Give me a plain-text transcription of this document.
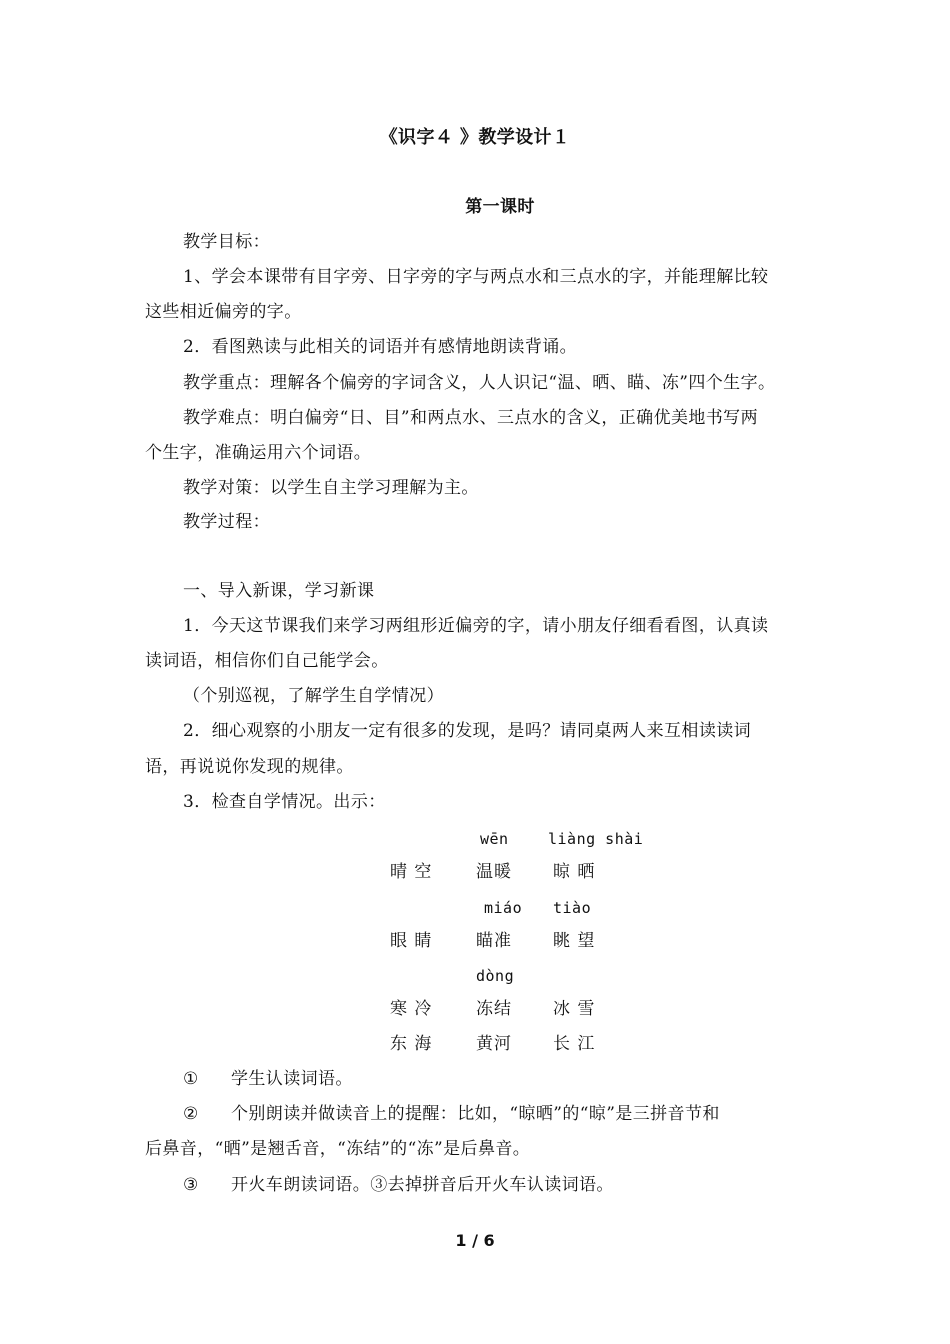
《识字４ 》教学设计１
第一课时
教学目标：
1、学会本课带有目字旁、日字旁的字与两点水和三点水的字，并能理解比较
这些相近偏旁的字。
2．看图熟读与此相关的词语并有感情地朗读背诵。
教学重点：理解各个偏旁的字词含义，人人识记“温、晒、瞄、冻”四个生字。
教学难点：明白偏旁“日、目”和两点水、三点水的含义，正确优美地书写两
个生字，准确运用六个词语。
教学对策：以学生自主学习理解为主。
教学过程：
一、导入新课，学习新课
1．今天这节课我们来学习两组形近偏旁的字，请小朋友仔细看看图，认真读
读词语，相信你们自己能学会。
（个别巡视，了解学生自学情况）
2．细心观察的小朋友一定有很多的发现，是吗？请同桌两人来互相读读词
语，再说说你发现的规律。
3．检查自学情况。出示：
wēn	liàng shài
晴 空	温暖 晾 晒
miáo tiào
眼 睛	瞄准 眺 望
dòng
寒 冷	冻结 冰 雪
东 海	黄河 长 江
① 学生认读词语。
② 个别朗读并做读音上的提醒：比如，“晾晒”的“晾”是三拼音节和
后鼻音，“晒”是翘舌音，“冻结”的“冻”是后鼻音。
③ 开火车朗读词语。③去掉拼音后开火车认读词语。
1 / 6
